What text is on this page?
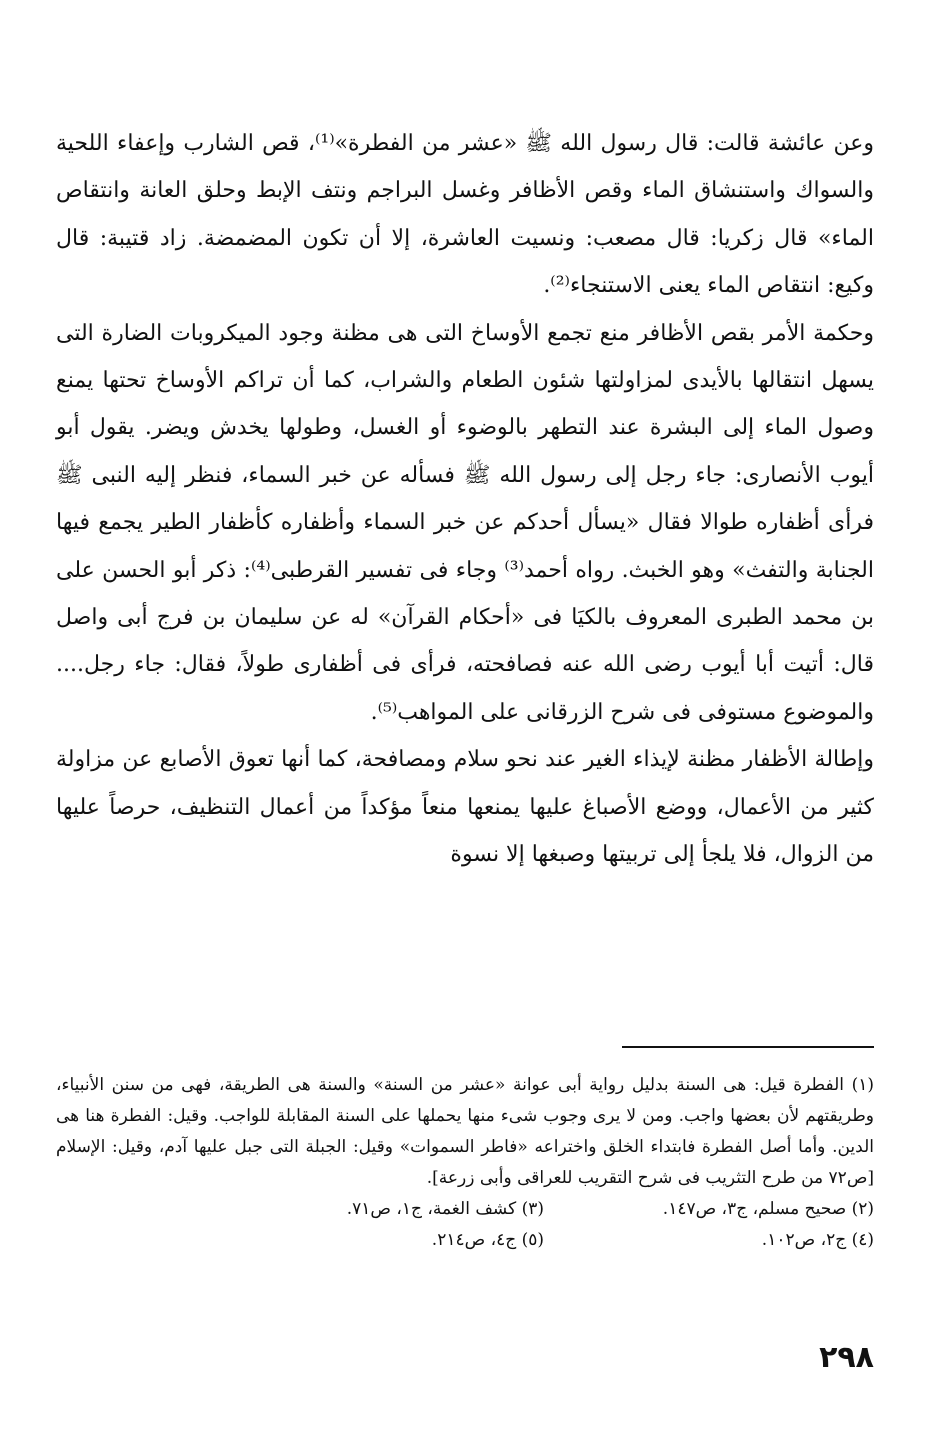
وعن عائشة قالت: قال رسول الله ﷺ «عشر من الفطرة»⁽¹⁾، قص الشارب وإعفاء اللحية والسواك واستنشاق الماء وقص الأظافر وغسل البراجم ونتف الإبط وحلق العانة وانتقاص الماء» قال زكريا: قال مصعب: ونسيت العاشرة، إلا أن تكون المضمضة. زاد قتيبة: قال وكيع: انتقاص الماء يعنى الاستنجاء⁽²⁾.

وحكمة الأمر بقص الأظافر منع تجمع الأوساخ التى هى مظنة وجود الميكروبات الضارة التى يسهل انتقالها بالأيدى لمزاولتها شئون الطعام والشراب، كما أن تراكم الأوساخ تحتها يمنع وصول الماء إلى البشرة عند التطهر بالوضوء أو الغسل، وطولها يخدش ويضر. يقول أبو أيوب الأنصارى: جاء رجل إلى رسول الله ﷺ فسأله عن خبر السماء، فنظر إليه النبى ﷺ فرأى أظفاره طوالا فقال «يسأل أحدكم عن خبر السماء وأظفاره كأظفار الطير يجمع فيها الجنابة والتفث» وهو الخبث. رواه أحمد⁽³⁾ وجاء فى تفسير القرطبى⁽⁴⁾: ذكر أبو الحسن على بن محمد الطبرى المعروف بالكيَا فى «أحكام القرآن» له عن سليمان بن فرج أبى واصل قال: أتيت أبا أيوب رضى الله عنه فصافحته، فرأى فى أظفارى طولاً، فقال: جاء رجل.... والموضوع مستوفى فى شرح الزرقانى على المواهب⁽⁵⁾.

وإطالة الأظفار مظنة لإيذاء الغير عند نحو سلام ومصافحة، كما أنها تعوق الأصابع عن مزاولة كثير من الأعمال، ووضع الأصباغ عليها يمنعها منعاً مؤكداً من أعمال التنظيف، حرصاً عليها من الزوال، فلا يلجأ إلى تربيتها وصبغها إلا نسوة

(١) الفطرة قيل: هى السنة بدليل رواية أبى عوانة «عشر من السنة» والسنة هى الطريقة، فهى من سنن الأنبياء، وطريقتهم لأن بعضها واجب. ومن لا يرى وجوب شىء منها يحملها على السنة المقابلة للواجب. وقيل: الفطرة هنا هى الدين. وأما أصل الفطرة فابتداء الخلق واختراعه «فاطر السموات» وقيل: الجبلة التى جبل عليها آدم، وقيل: الإسلام [ص٧٢ من طرح التثريب فى شرح التقريب للعراقى وأبى زرعة].

(٢) صحيح مسلم، ج٣، ص١٤٧.
(٣) كشف الغمة، ج١، ص٧١.
(٤) ج٢، ص١٠٢.
(٥) ج٤، ص٢١٤.
٢٩٨
